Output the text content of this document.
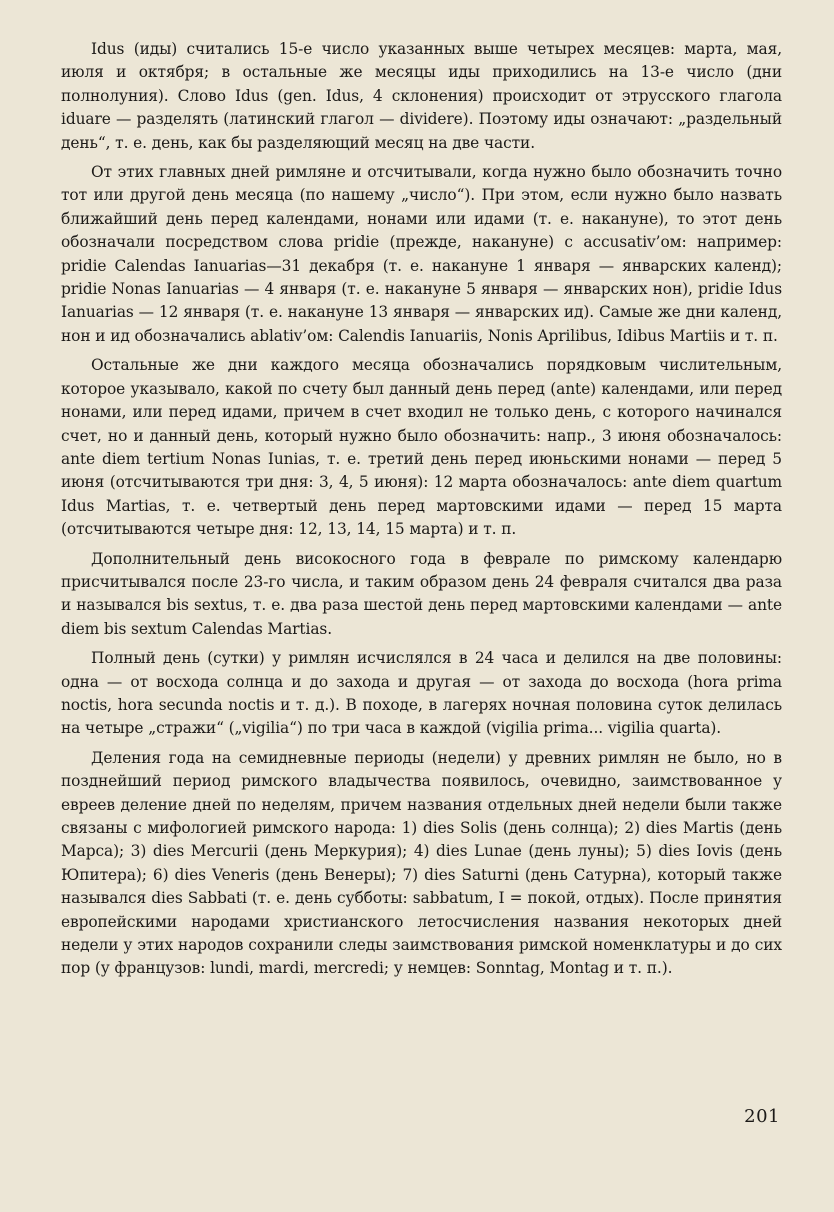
Idus (иды) считались 15-е число указанных выше четырех месяцев: марта, мая, июля и октября; в остальные же месяцы иды приходились на 13-е число (дни полнолуния). Слово Idus (gen. Idus, 4 склонения) происходит от этрусского глагола iduare — разделять (латинский глагол — dividere). Поэтому иды означают: „раздельный день“, т. е. день, как бы разделяющий месяц на две части.

От этих главных дней римляне и отсчитывали, когда нужно было обозначить точно тот или другой день месяца (по нашему „число“). При этом, если нужно было назвать ближайший день перед календами, нонами или идами (т. е. накануне), то этот день обозначали посредством слова pridie (прежде, накануне) с accusativ’ом: например: pridie Calendas Ianuarias—31 декабря (т. е. накануне 1 января — январских календ); pridie Nonas Ianuarias — 4 января (т. е. накануне 5 января — январских нон), pridie Idus Ianuarias — 12 января (т. е. накануне 13 января — январских ид). Самые же дни календ, нон и ид обозначались ablativ’ом: Calendis Ianuariis, Nonis Aprilibus, Idibus Martiis и т. п.

Остальные же дни каждого месяца обозначались порядковым числительным, которое указывало, какой по счету был данный день перед (ante) календами, или перед нонами, или перед идами, причем в счет входил не только день, с которого начинался счет, но и данный день, который нужно было обозначить: напр., 3 июня обозначалось: ante diem tertium Nonas Iunias, т. е. третий день перед июньскими нонами — перед 5 июня (отсчитываются три дня: 3, 4, 5 июня): 12 марта обозначалось: ante diem quartum Idus Martias, т. е. четвертый день перед мартовскими идами — перед 15 марта (отсчитываются четыре дня: 12, 13, 14, 15 марта) и т. п.

Дополнительный день високосного года в феврале по римскому календарю присчитывался после 23-го числа, и таким образом день 24 февраля считался два раза и назывался bis sextus, т. е. два раза шестой день перед мартовскими календами — ante diem bis sextum Calendas Martias.

Полный день (сутки) у римлян исчислялся в 24 часа и делился на две половины: одна — от восхода солнца и до захода и другая — от захода до восхода (hora prima noctis, hora secunda noctis и т. д.). В походе, в лагерях ночная половина суток делилась на четыре „стражи“ („vigilia“) по три часа в каждой (vigilia prima... vigilia quarta).

Деления года на семидневные периоды (недели) у древних римлян не было, но в позднейший период римского владычества появилось, очевидно, заимствованное у евреев деление дней по неделям, причем названия отдельных дней недели были также связаны с мифологией римского народа: 1) dies Solis (день солнца); 2) dies Martis (день Марса); 3) dies Mercurii (день Меркурия); 4) dies Lunae (день луны); 5) dies Iovis (день Юпитера); 6) dies Veneris (день Венеры); 7) dies Saturni (день Сатурна), который также назывался dies Sabbati (т. е. день субботы: sabbatum, I = покой, отдых). После принятия европейскими народами христианского летосчисления названия некоторых дней недели у этих народов сохранили следы заимствования римской номенклатуры и до сих пор (у французов: lundi, mardi, mercredi; у немцев: Sonntag, Montag и т. п.).

201
